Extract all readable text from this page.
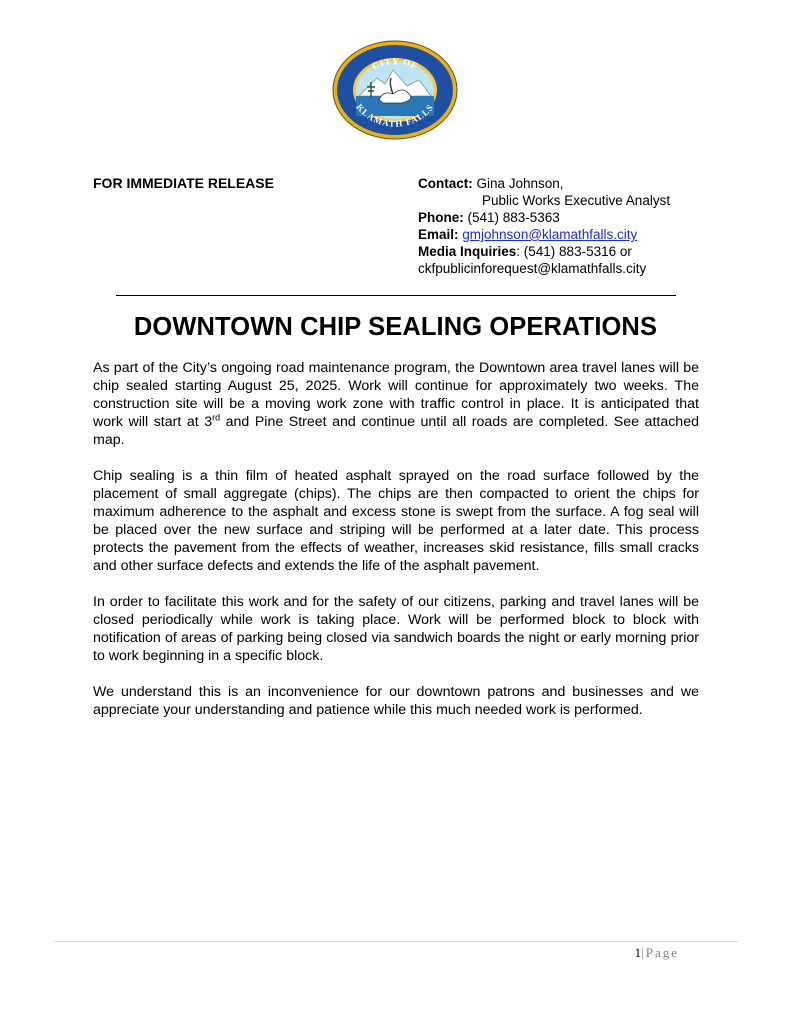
CITY OF
KLAMATH FALLS
FOR IMMEDIATE RELEASE	Contact: Gina Johnson,
Public Works Executive Analyst
Phone: (541) 883-5363
Email: gmjohnson@klamathfalls.city
Media Inquiries: (541) 883-5316 or
ckfpublicinforequest@klamathfalls.city
DOWNTOWN CHIP SEALING OPERATIONS

As part of the City’s ongoing road maintenance program, the Downtown area travel lanes will be chip sealed starting August 25, 2025. Work will continue for approximately two weeks. The construction site will be a moving work zone with traffic control in place. It is anticipated that work will start at 3rd and Pine Street and continue until all roads are completed. See attached map.

Chip sealing is a thin film of heated asphalt sprayed on the road surface followed by the placement of small aggregate (chips). The chips are then compacted to orient the chips for maximum adherence to the asphalt and excess stone is swept from the surface. A fog seal will be placed over the new surface and striping will be performed at a later date. This process protects the pavement from the effects of weather, increases skid resistance, fills small cracks and other surface defects and extends the life of the asphalt pavement.

In order to facilitate this work and for the safety of our citizens, parking and travel lanes will be closed periodically while work is taking place. Work will be performed block to block with notification of areas of parking being closed via sandwich boards the night or early morning prior to work beginning in a specific block.

We understand this is an inconvenience for our downtown patrons and businesses and we appreciate your understanding and patience while this much needed work is performed.

1|Page
